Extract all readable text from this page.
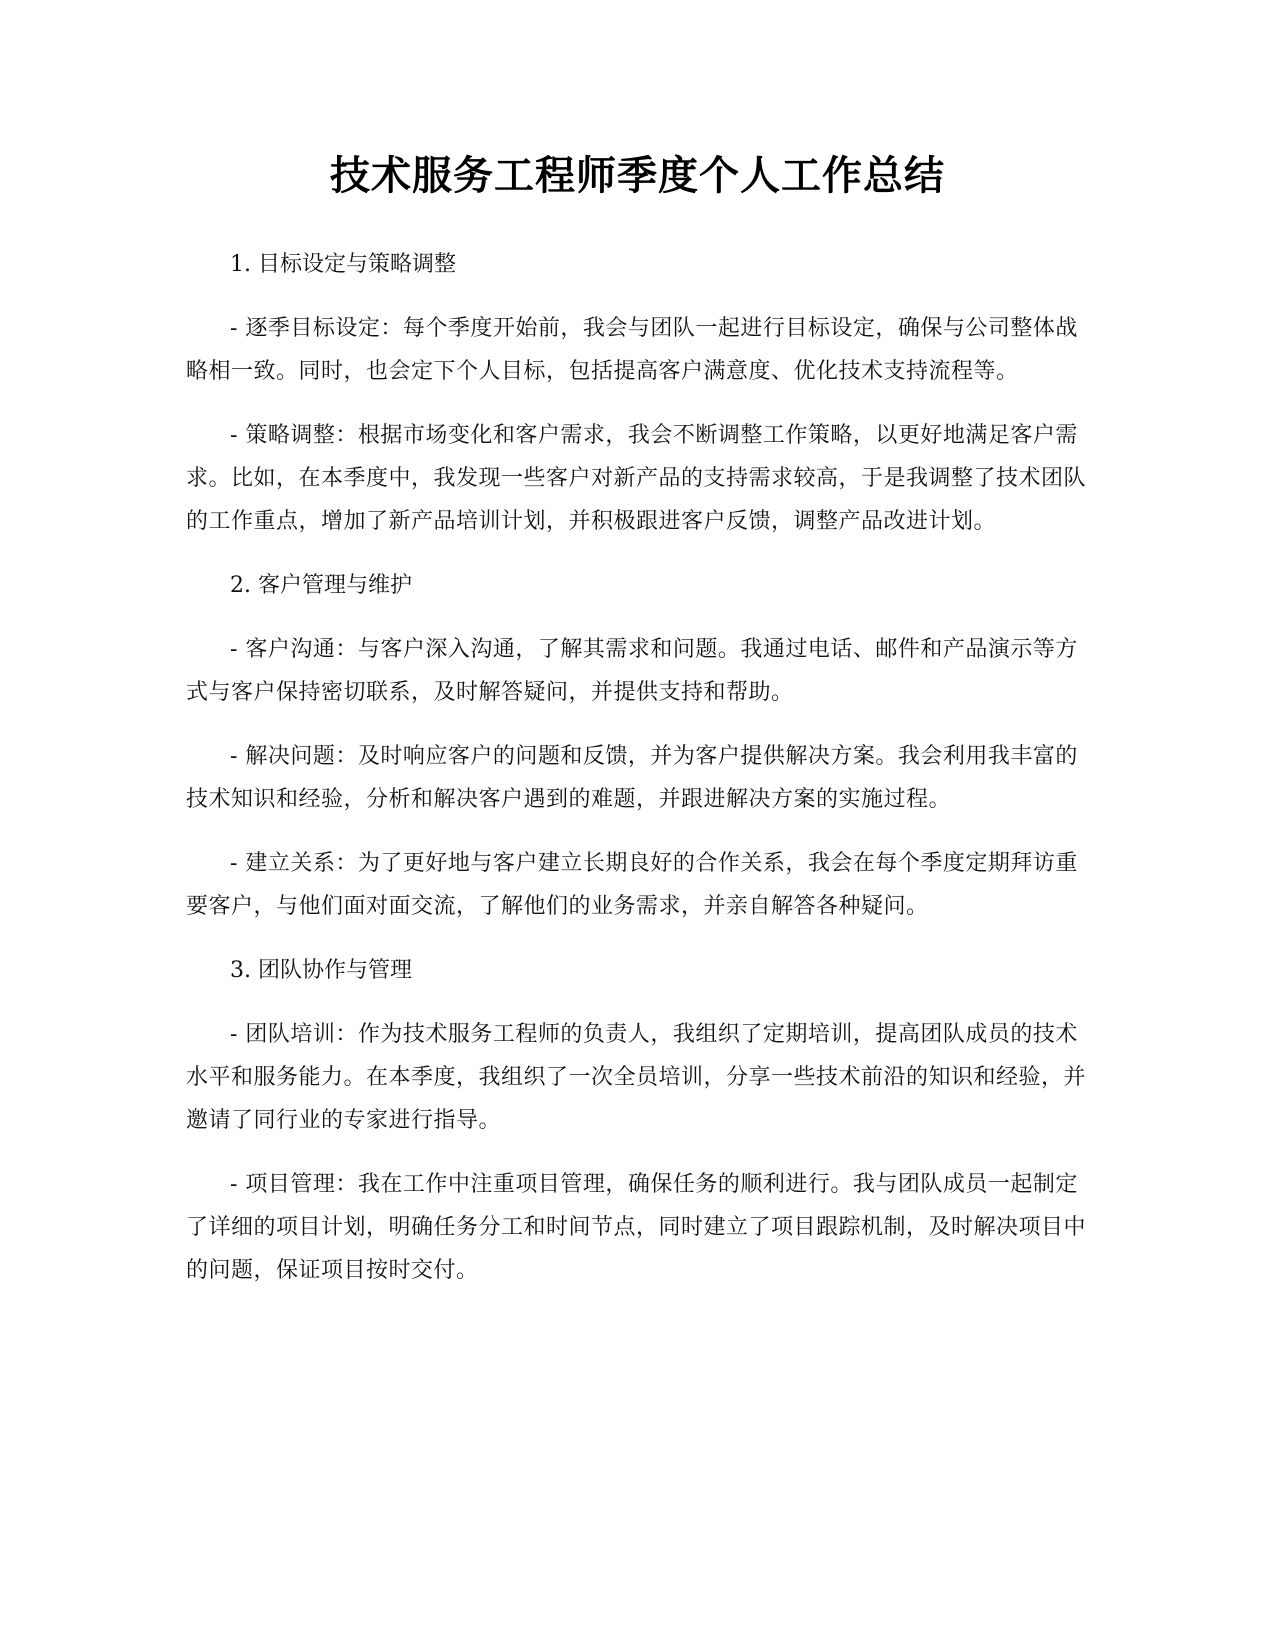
技术服务工程师季度个人工作总结

1. 目标设定与策略调整

- 逐季目标设定：每个季度开始前，我会与团队一起进行目标设定，确保与公司整体战略相一致。同时，也会定下个人目标，包括提高客户满意度、优化技术支持流程等。

- 策略调整：根据市场变化和客户需求，我会不断调整工作策略，以更好地满足客户需求。比如，在本季度中，我发现一些客户对新产品的支持需求较高，于是我调整了技术团队的工作重点，增加了新产品培训计划，并积极跟进客户反馈，调整产品改进计划。

2. 客户管理与维护

- 客户沟通：与客户深入沟通，了解其需求和问题。我通过电话、邮件和产品演示等方式与客户保持密切联系，及时解答疑问，并提供支持和帮助。

- 解决问题：及时响应客户的问题和反馈，并为客户提供解决方案。我会利用我丰富的技术知识和经验，分析和解决客户遇到的难题，并跟进解决方案的实施过程。

- 建立关系：为了更好地与客户建立长期良好的合作关系，我会在每个季度定期拜访重要客户，与他们面对面交流，了解他们的业务需求，并亲自解答各种疑问。

3. 团队协作与管理

- 团队培训：作为技术服务工程师的负责人，我组织了定期培训，提高团队成员的技术水平和服务能力。在本季度，我组织了一次全员培训，分享一些技术前沿的知识和经验，并邀请了同行业的专家进行指导。

- 项目管理：我在工作中注重项目管理，确保任务的顺利进行。我与团队成员一起制定了详细的项目计划，明确任务分工和时间节点，同时建立了项目跟踪机制，及时解决项目中的问题，保证项目按时交付。
